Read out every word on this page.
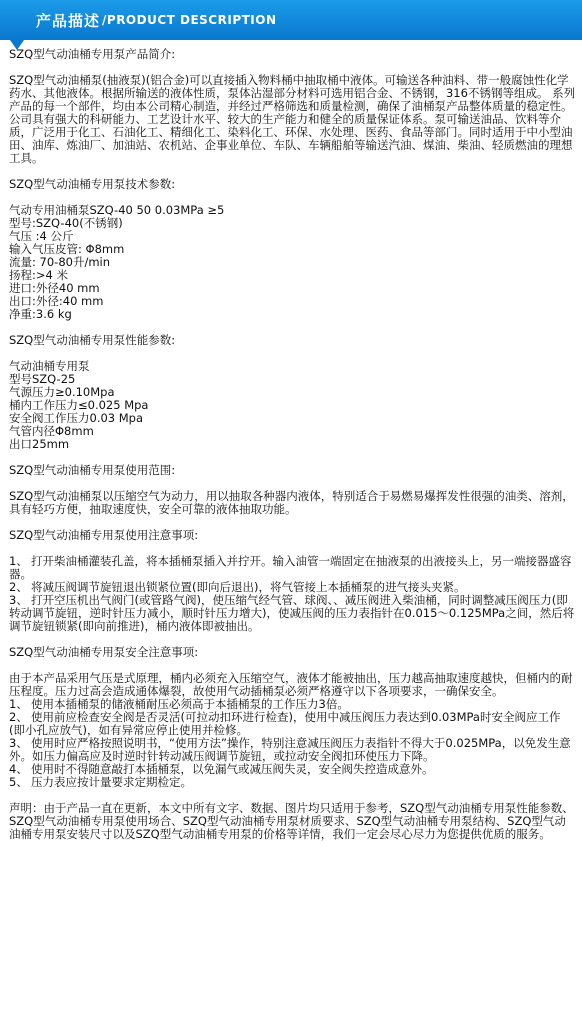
产品描述 /PRODUCT DESCRIPTION
SZQ型气动油桶专用泵产品简介:

SZQ型气动油桶泵(抽液泵)(铝合金)可以直接插入物料桶中抽取桶中液体。可输送各种油料、带一般腐蚀性化学药水、其他液体。根据所输送的液体性质，泵体沾湿部分材料可选用铝合金、不锈钢，316不锈钢等组成。 系列产品的每一个部件，均由本公司精心制造，并经过严格筛选和质量检测，确保了油桶泵产品整体质量的稳定性。公司具有强大的科研能力、工艺设计水平、较大的生产能力和健全的质量保证体系。泵可输送油品、饮料等介质，广泛用于化工、石油化工、精细化工、染料化工、环保、水处理、医药、食品等部门。同时适用于中小型油田、油库、炼油厂、加油站、农机站、企事业单位、车队、车辆船舶等输送汽油、煤油、柴油、轻质燃油的理想工具。

SZQ型气动油桶专用泵技术参数:

气动专用油桶泵SZQ-40 50 0.03MPa ≥5

型号:SZQ-40(不锈钢)

气压 :4 公斤

输入气压皮管: Φ8mm

流量: 70-80升/min

扬程:>4 米

进口:外径40 mm

出口:外径:40 mm

净重:3.6 kg

SZQ型气动油桶专用泵性能参数:

气动油桶专用泵

型号SZQ-25

气源压力≥0.10Mpa

桶内工作压力≤0.025 Mpa

安全阀工作压力0.03 Mpa

气管内径Φ8mm

出口25mm

SZQ型气动油桶专用泵使用范围:

SZQ型气动油桶泵以压缩空气为动力，用以抽取各种器内液体，特别适合于易燃易爆挥发性很强的油类、溶剂，具有轻巧方便，抽取速度快，安全可靠的液体抽取功能。

SZQ型气动油桶专用泵使用注意事项:

1、 打开柴油桶灌装孔盖，将本插桶泵插入并拧开。输入油管一端固定在抽液泵的出液接头上，另一端接器盛容器。

2、 将减压阀调节旋钮退出锁紧位置(即向后退出)，将气管接上本插桶泵的进气接头夹紧。

3、 打开空压机出气阀门(或管路气阀)，使压缩气经气管、球阀、、减压阀进入柴油桶，同时调整减压阀压力(即转动调节旋钮，逆时针压力减小，顺时针压力增大)，使减压阀的压力表指针在0.015～0.125MPa之间，然后将调节旋钮锁紧(即向前推进)，桶内液体即被抽出。

SZQ型气动油桶专用泵安全注意事项:

由于本产品采用气压是式原理，桶内必须充入压缩空气，液体才能被抽出，压力越高抽取速度越快，但桶内的耐压程度。压力过高会造成通体爆裂，故使用气动插桶泵必须严格遵守以下各项要求，一确保安全。

1、 使用本插桶泵的储液桶耐压必须高于本插桶泵的工作压力3倍。

2、 使用前应检查安全阀是否灵活(可拉动扣环进行检查)，使用中减压阀压力表达到0.03MPa时安全阀应工作(即小孔应放气)，如有异常应停止使用并检修。

3、 使用时应严格按照说明书，“使用方法”操作，特别注意减压阀压力表指针不得大于0.025MPa，以免发生意外。如压力偏高应及时逆时针转动减压阀调节旋钮，或拉动安全阀扣环使压力下降。

4、 使用时不得随意敲打本插桶泵，以免漏气或减压阀失灵，安全阀失控造成意外。

5、 压力表应按计量要求定期检定。

声明：由于产品一直在更新，本文中所有文字、数据、图片均只适用于参考，SZQ型气动油桶专用泵性能参数、SZQ型气动油桶专用泵使用场合、SZQ型气动油桶专用泵材质要求、SZQ型气动油桶专用泵结构、SZQ型气动油桶专用泵安装尺寸以及SZQ型气动油桶专用泵的价格等详情，我们一定会尽心尽力为您提供优质的服务。
